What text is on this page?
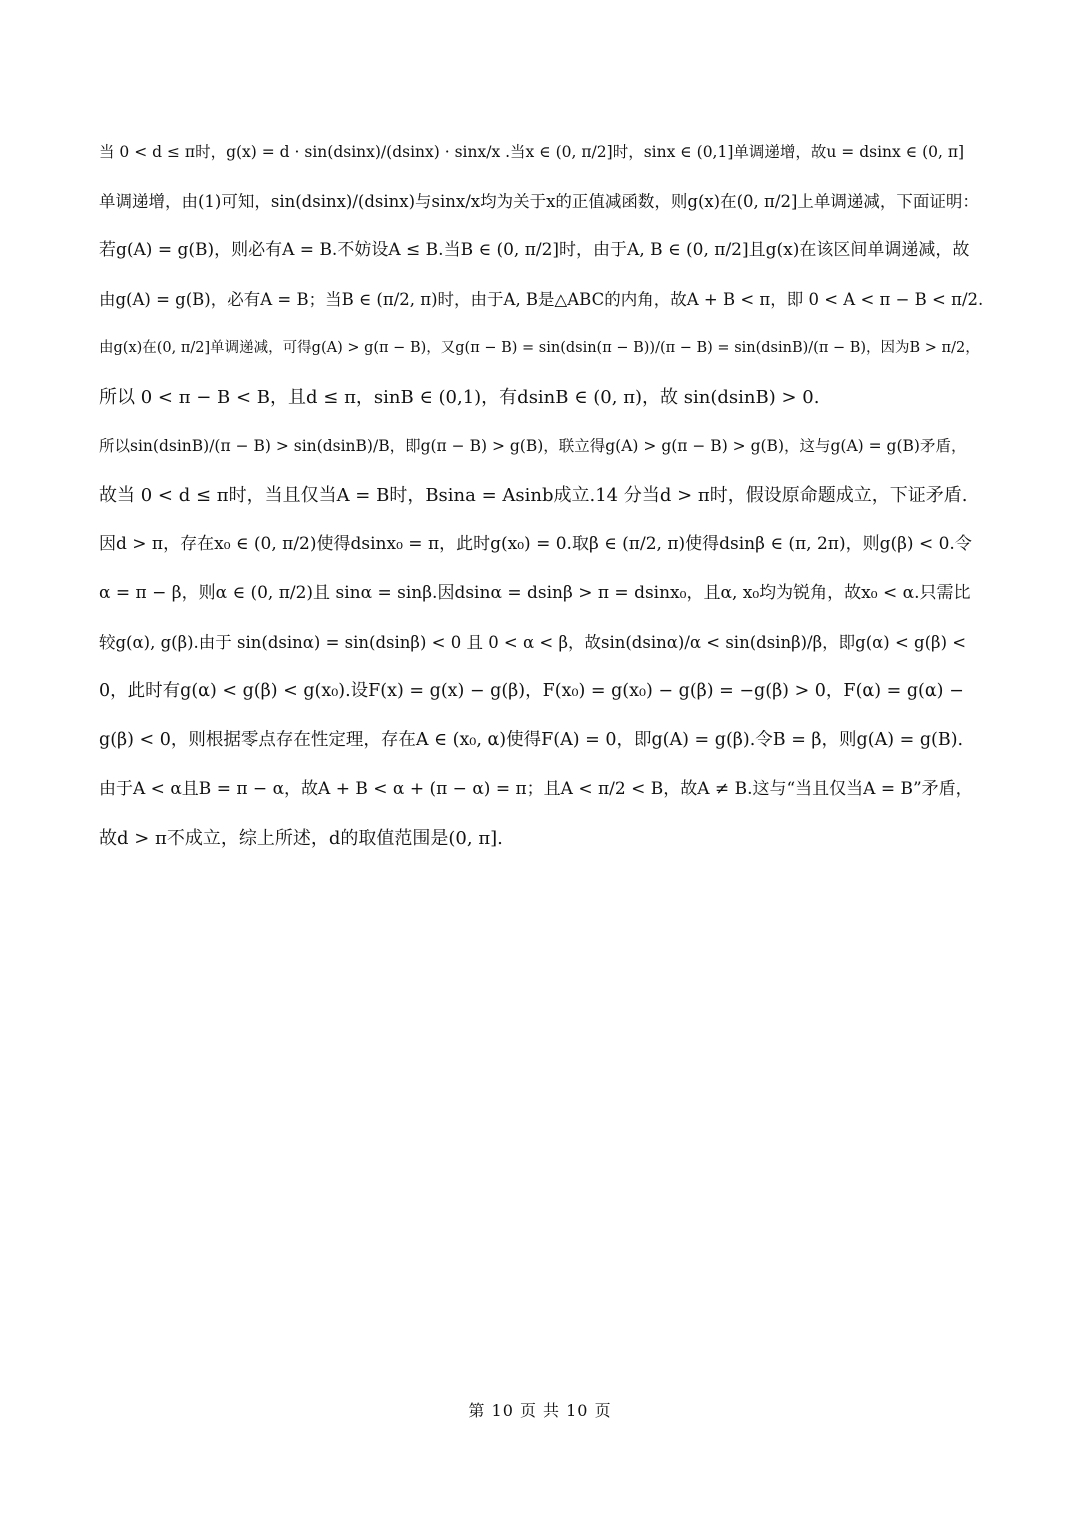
当 0 < d ≤ π时，g(x) = d · sin(dsinx)/(dsinx) · sinx/x .当x ∈ (0, π/2]时，sinx ∈ (0,1]单调递增，故u = dsinx ∈ (0, π]
单调递增，由(1)可知，sin(dsinx)/(dsinx)与sinx/x均为关于x的正值减函数，则g(x)在(0, π/2]上单调递减，下面证明：
若g(A) = g(B)，则必有A = B.不妨设A ≤ B.当B ∈ (0, π/2]时，由于A, B ∈ (0, π/2]且g(x)在该区间单调递减，故
由g(A) = g(B)，必有A = B；当B ∈ (π/2, π)时，由于A, B是△ABC的内角，故A + B < π，即 0 < A < π − B < π/2.
由g(x)在(0, π/2]单调递减，可得g(A) > g(π − B)，又g(π − B) = sin(dsin(π − B))/(π − B) = sin(dsinB)/(π − B)，因为B > π/2，
所以 0 < π − B < B，且d ≤ π，sinB ∈ (0,1)，有dsinB ∈ (0, π)，故 sin(dsinB) > 0.
所以sin(dsinB)/(π − B) > sin(dsinB)/B，即g(π − B) > g(B)，联立得g(A) > g(π − B) > g(B)，这与g(A) = g(B)矛盾，
故当 0 < d ≤ π时，当且仅当A = B时，Bsina = Asinb成立.14 分当d > π时，假设原命题成立，下证矛盾.
因d > π，存在x₀ ∈ (0, π/2)使得dsinx₀ = π，此时g(x₀) = 0.取β ∈ (π/2, π)使得dsinβ ∈ (π, 2π)，则g(β) < 0.令
α = π − β，则α ∈ (0, π/2)且 sinα = sinβ.因dsinα = dsinβ > π = dsinx₀，且α, x₀均为锐角，故x₀ < α.只需比
较g(α), g(β).由于 sin(dsinα) = sin(dsinβ) < 0 且 0 < α < β，故sin(dsinα)/α < sin(dsinβ)/β，即g(α) < g(β) <
0，此时有g(α) < g(β) < g(x₀).设F(x) = g(x) − g(β)，F(x₀) = g(x₀) − g(β) = −g(β) > 0，F(α) = g(α) −
g(β) < 0，则根据零点存在性定理，存在A ∈ (x₀, α)使得F(A) = 0，即g(A) = g(β).令B = β，则g(A) = g(B).
由于A < α且B = π − α，故A + B < α + (π − α) = π；且A < π/2 < B，故A ≠ B.这与“当且仅当A = B”矛盾，
故d > π不成立，综上所述，d的取值范围是(0, π].
第 10 页 共 10 页
